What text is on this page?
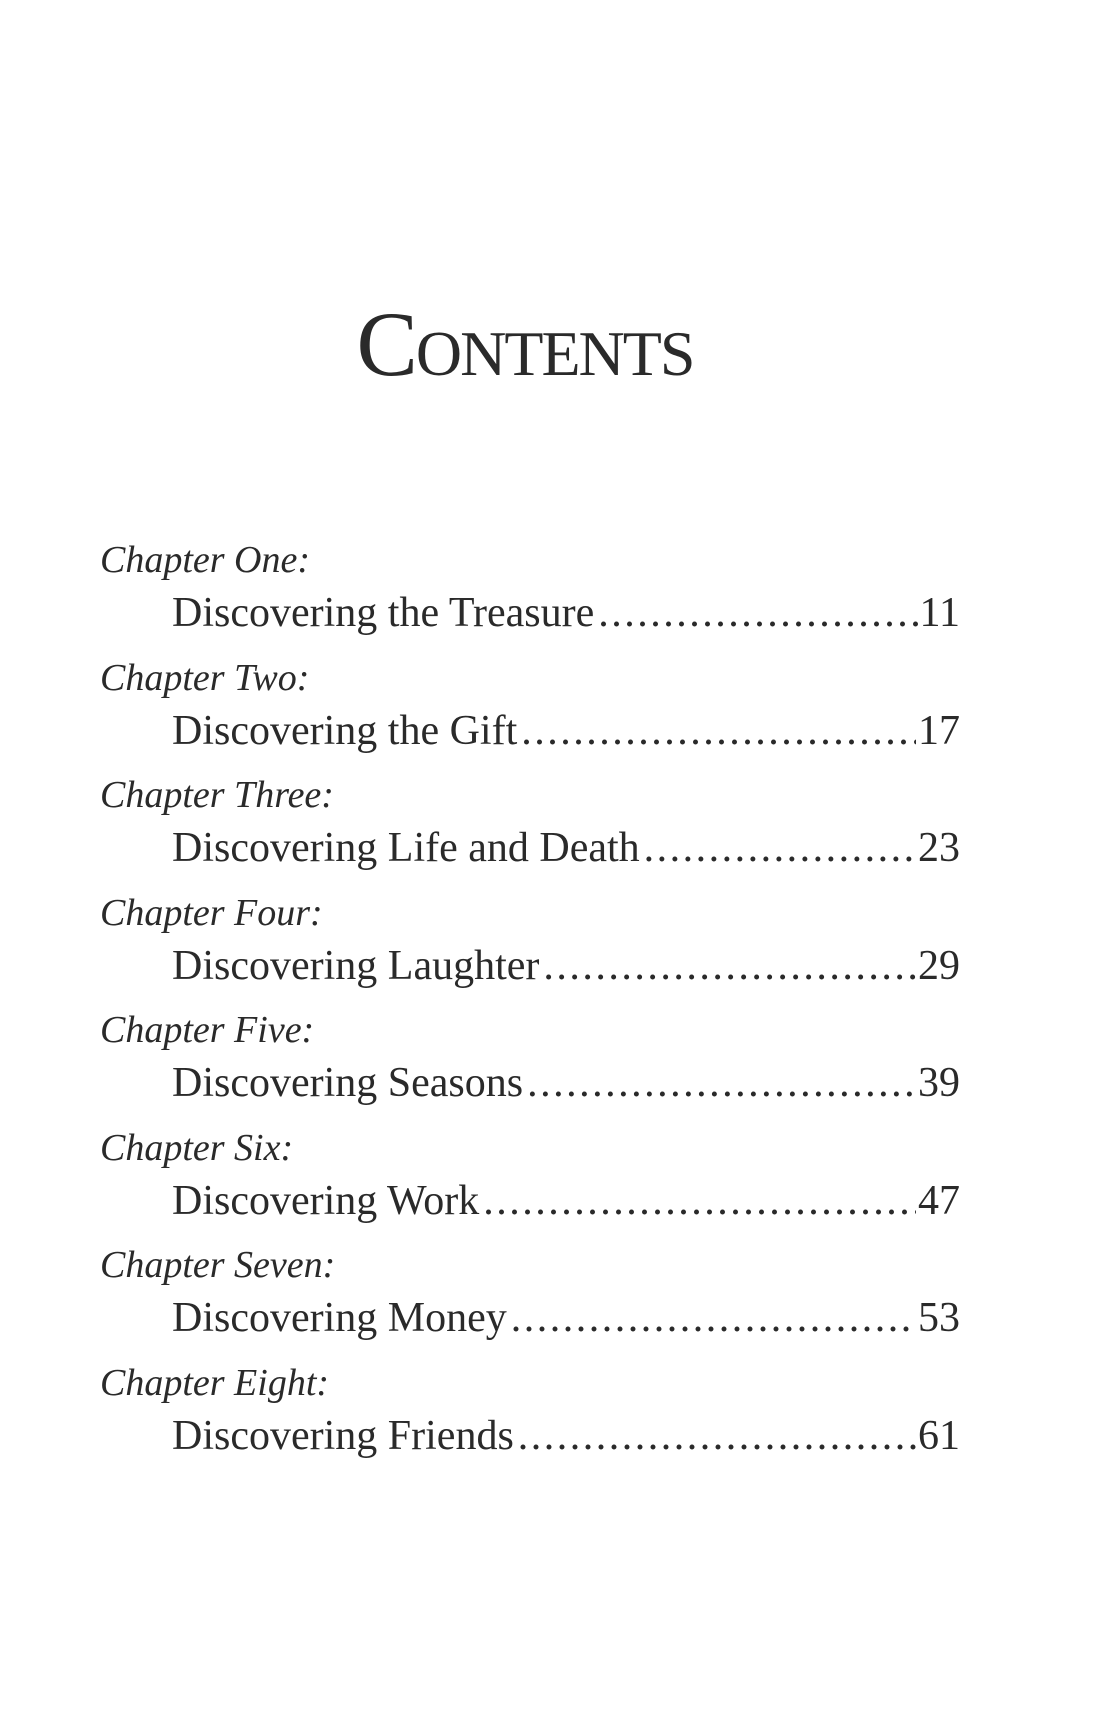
Contents
Chapter One:
Discovering the Treasure . . .	11
Chapter Two:
Discovering the Gift . . .	17
Chapter Three:
Discovering Life and Death . . .	23
Chapter Four:
Discovering Laughter . . .	29
Chapter Five:
Discovering Seasons . . .	39
Chapter Six:
Discovering Work . . .	47
Chapter Seven:
Discovering Money . . .	53
Chapter Eight:
Discovering Friends . . .	61
